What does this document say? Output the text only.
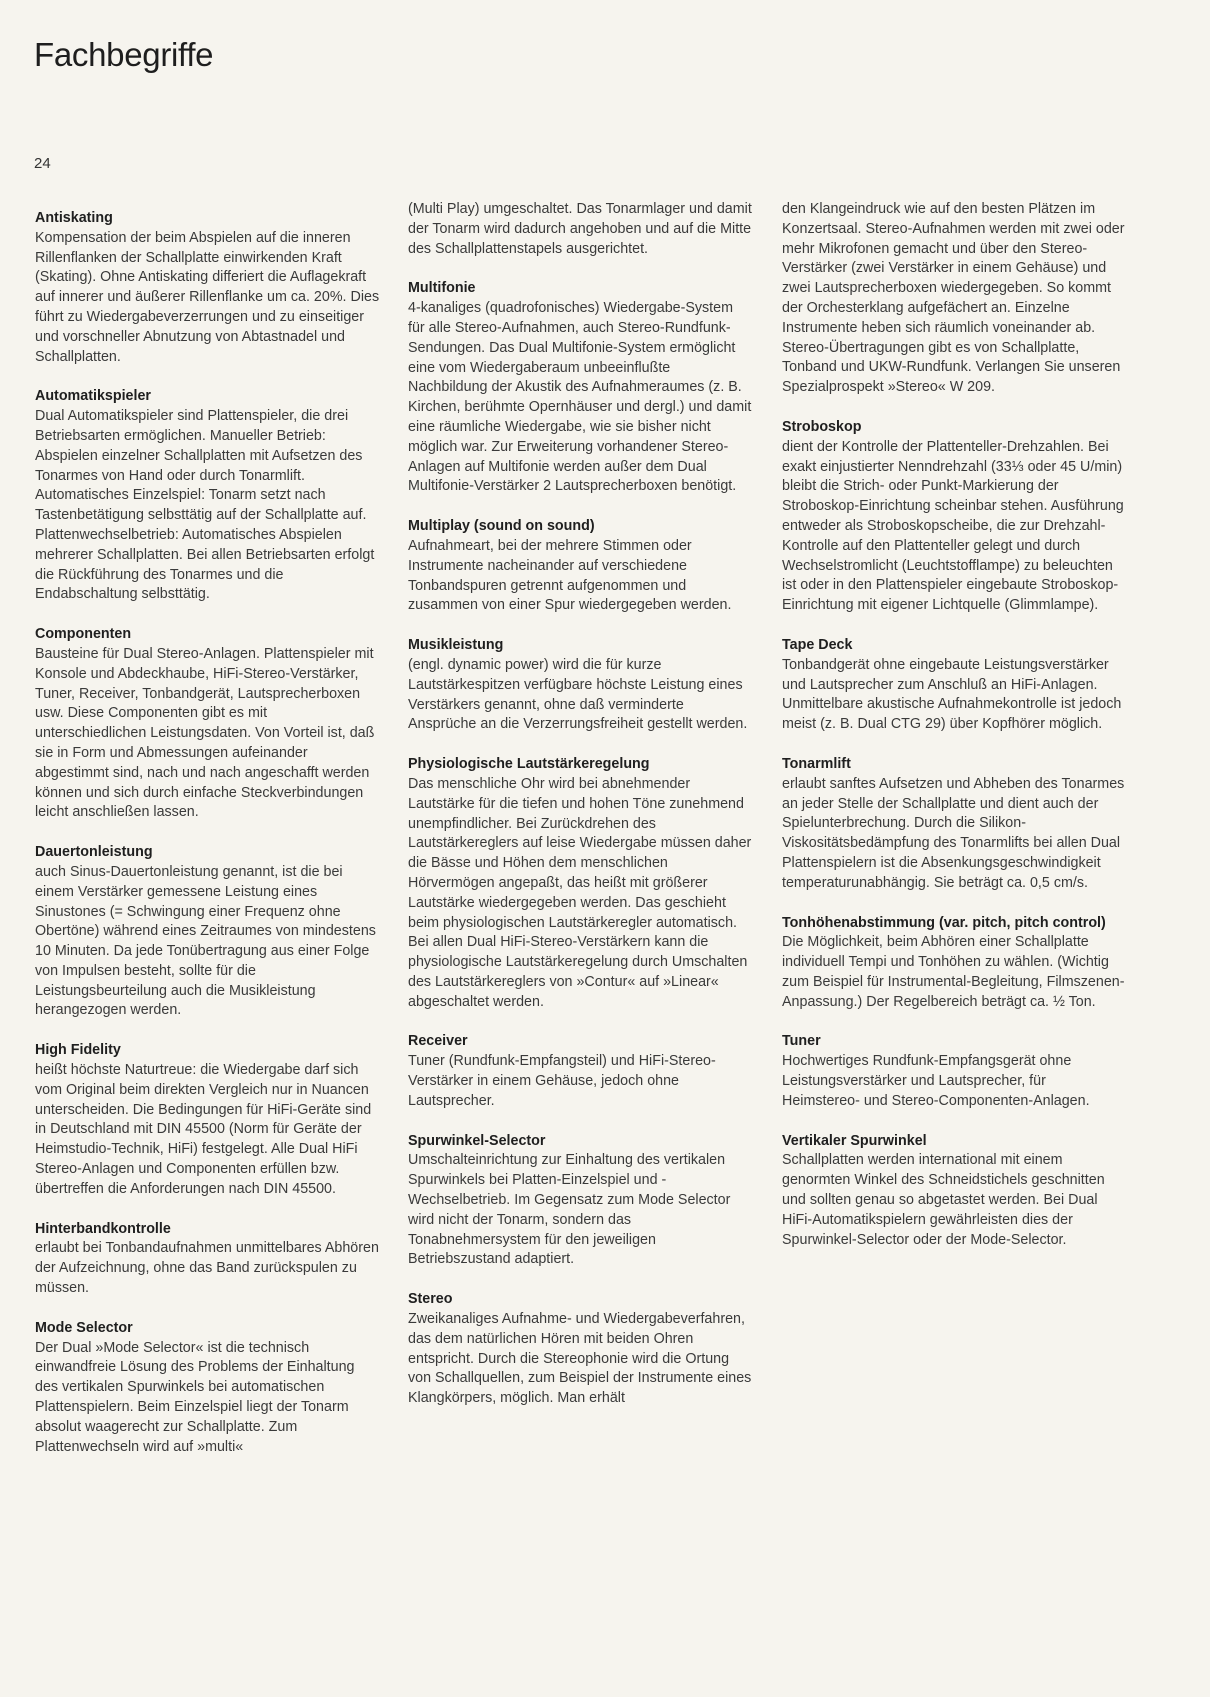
Fachbegriffe
24
Antiskating
Kompensation der beim Abspielen auf die inneren Rillenflanken der Schallplatte einwirkenden Kraft (Skating). Ohne Antiskating differiert die Auflagekraft auf innerer und äußerer Rillenflanke um ca. 20%. Dies führt zu Wiedergabeverzerrungen und zu einseitiger und vorschneller Abnutzung von Abtastnadel und Schallplatten.
Automatikspieler
Dual Automatikspieler sind Plattenspieler, die drei Betriebsarten ermöglichen. Manueller Betrieb: Abspielen einzelner Schallplatten mit Aufsetzen des Tonarmes von Hand oder durch Tonarmlift. Automatisches Einzelspiel: Tonarm setzt nach Tastenbetätigung selbsttätig auf der Schallplatte auf. Plattenwechselbetrieb: Automatisches Abspielen mehrerer Schallplatten. Bei allen Betriebsarten erfolgt die Rückführung des Tonarmes und die Endabschaltung selbsttätig.
Componenten
Bausteine für Dual Stereo-Anlagen. Plattenspieler mit Konsole und Abdeckhaube, HiFi-Stereo-Verstärker, Tuner, Receiver, Tonbandgerät, Lautsprecherboxen usw. Diese Componenten gibt es mit unterschiedlichen Leistungsdaten. Von Vorteil ist, daß sie in Form und Abmessungen aufeinander abgestimmt sind, nach und nach angeschafft werden können und sich durch einfache Steckverbindungen leicht anschließen lassen.
Dauertonleistung
auch Sinus-Dauertonleistung genannt, ist die bei einem Verstärker gemessene Leistung eines Sinustones (= Schwingung einer Frequenz ohne Obertöne) während eines Zeitraumes von mindestens 10 Minuten. Da jede Tonübertragung aus einer Folge von Impulsen besteht, sollte für die Leistungsbeurteilung auch die Musikleistung herangezogen werden.
High Fidelity
heißt höchste Naturtreue: die Wiedergabe darf sich vom Original beim direkten Vergleich nur in Nuancen unterscheiden. Die Bedingungen für HiFi-Geräte sind in Deutschland mit DIN 45500 (Norm für Geräte der Heimstudio-Technik, HiFi) festgelegt. Alle Dual HiFi Stereo-Anlagen und Componenten erfüllen bzw. übertreffen die Anforderungen nach DIN 45500.
Hinterbandkontrolle
erlaubt bei Tonbandaufnahmen unmittelbares Abhören der Aufzeichnung, ohne das Band zurückspulen zu müssen.
Mode Selector
Der Dual »Mode Selector« ist die technisch einwandfreie Lösung des Problems der Einhaltung des vertikalen Spurwinkels bei automatischen Plattenspielern. Beim Einzelspiel liegt der Tonarm absolut waagerecht zur Schallplatte. Zum Plattenwechseln wird auf »multi«
(Multi Play) umgeschaltet. Das Tonarmlager und damit der Tonarm wird dadurch angehoben und auf die Mitte des Schallplattenstapels ausgerichtet.
Multifonie
4-kanaliges (quadrofonisches) Wiedergabe-System für alle Stereo-Aufnahmen, auch Stereo-Rundfunk-Sendungen. Das Dual Multifonie-System ermöglicht eine vom Wiedergaberaum unbeeinflußte Nachbildung der Akustik des Aufnahmeraumes (z. B. Kirchen, berühmte Opernhäuser und dergl.) und damit eine räumliche Wiedergabe, wie sie bisher nicht möglich war. Zur Erweiterung vorhandener Stereo-Anlagen auf Multifonie werden außer dem Dual Multifonie-Verstärker 2 Lautsprecherboxen benötigt.
Multiplay (sound on sound)
Aufnahmeart, bei der mehrere Stimmen oder Instrumente nacheinander auf verschiedene Tonbandspuren getrennt aufgenommen und zusammen von einer Spur wiedergegeben werden.
Musikleistung
(engl. dynamic power) wird die für kurze Lautstärkespitzen verfügbare höchste Leistung eines Verstärkers genannt, ohne daß verminderte Ansprüche an die Verzerrungsfreiheit gestellt werden.
Physiologische Lautstärkeregelung
Das menschliche Ohr wird bei abnehmender Lautstärke für die tiefen und hohen Töne zunehmend unempfindlicher. Bei Zurückdrehen des Lautstärkereglers auf leise Wiedergabe müssen daher die Bässe und Höhen dem menschlichen Hörvermögen angepaßt, das heißt mit größerer Lautstärke wiedergegeben werden. Das geschieht beim physiologischen Lautstärkeregler automatisch. Bei allen Dual HiFi-Stereo-Verstärkern kann die physiologische Lautstärkeregelung durch Umschalten des Lautstärkereglers von »Contur« auf »Linear« abgeschaltet werden.
Receiver
Tuner (Rundfunk-Empfangsteil) und HiFi-Stereo-Verstärker in einem Gehäuse, jedoch ohne Lautsprecher.
Spurwinkel-Selector
Umschalteinrichtung zur Einhaltung des vertikalen Spurwinkels bei Platten-Einzelspiel und -Wechselbetrieb. Im Gegensatz zum Mode Selector wird nicht der Tonarm, sondern das Tonabnehmersystem für den jeweiligen Betriebszustand adaptiert.
Stereo
Zweikanaliges Aufnahme- und Wiedergabeverfahren, das dem natürlichen Hören mit beiden Ohren entspricht. Durch die Stereophonie wird die Ortung von Schallquellen, zum Beispiel der Instrumente eines Klangkörpers, möglich. Man erhält
den Klangeindruck wie auf den besten Plätzen im Konzertsaal. Stereo-Aufnahmen werden mit zwei oder mehr Mikrofonen gemacht und über den Stereo-Verstärker (zwei Verstärker in einem Gehäuse) und zwei Lautsprecherboxen wiedergegeben. So kommt der Orchesterklang aufgefächert an. Einzelne Instrumente heben sich räumlich voneinander ab. Stereo-Übertragungen gibt es von Schallplatte, Tonband und UKW-Rundfunk. Verlangen Sie unseren Spezialprospekt »Stereo« W 209.
Stroboskop
dient der Kontrolle der Plattenteller-Drehzahlen. Bei exakt einjustierter Nenndrehzahl (33⅓ oder 45 U/min) bleibt die Strich- oder Punkt-Markierung der Stroboskop-Einrichtung scheinbar stehen. Ausführung entweder als Stroboskopscheibe, die zur Drehzahl-Kontrolle auf den Plattenteller gelegt und durch Wechselstromlicht (Leuchtstofflampe) zu beleuchten ist oder in den Plattenspieler eingebaute Stroboskop-Einrichtung mit eigener Lichtquelle (Glimmlampe).
Tape Deck
Tonbandgerät ohne eingebaute Leistungsverstärker und Lautsprecher zum Anschluß an HiFi-Anlagen. Unmittelbare akustische Aufnahmekontrolle ist jedoch meist (z. B. Dual CTG 29) über Kopfhörer möglich.
Tonarmlift
erlaubt sanftes Aufsetzen und Abheben des Tonarmes an jeder Stelle der Schallplatte und dient auch der Spielunterbrechung. Durch die Silikon-Viskositätsbedämpfung des Tonarmlifts bei allen Dual Plattenspielern ist die Absenkungsgeschwindigkeit temperaturunabhängig. Sie beträgt ca. 0,5 cm/s.
Tonhöhenabstimmung (var. pitch, pitch control)
Die Möglichkeit, beim Abhören einer Schallplatte individuell Tempi und Tonhöhen zu wählen. (Wichtig zum Beispiel für Instrumental-Begleitung, Filmszenen-Anpassung.) Der Regelbereich beträgt ca. ½ Ton.
Tuner
Hochwertiges Rundfunk-Empfangsgerät ohne Leistungsverstärker und Lautsprecher, für Heimstereo- und Stereo-Componenten-Anlagen.
Vertikaler Spurwinkel
Schallplatten werden international mit einem genormten Winkel des Schneidstichels geschnitten und sollten genau so abgetastet werden. Bei Dual HiFi-Automatikspielern gewährleisten dies der Spurwinkel-Selector oder der Mode-Selector.
